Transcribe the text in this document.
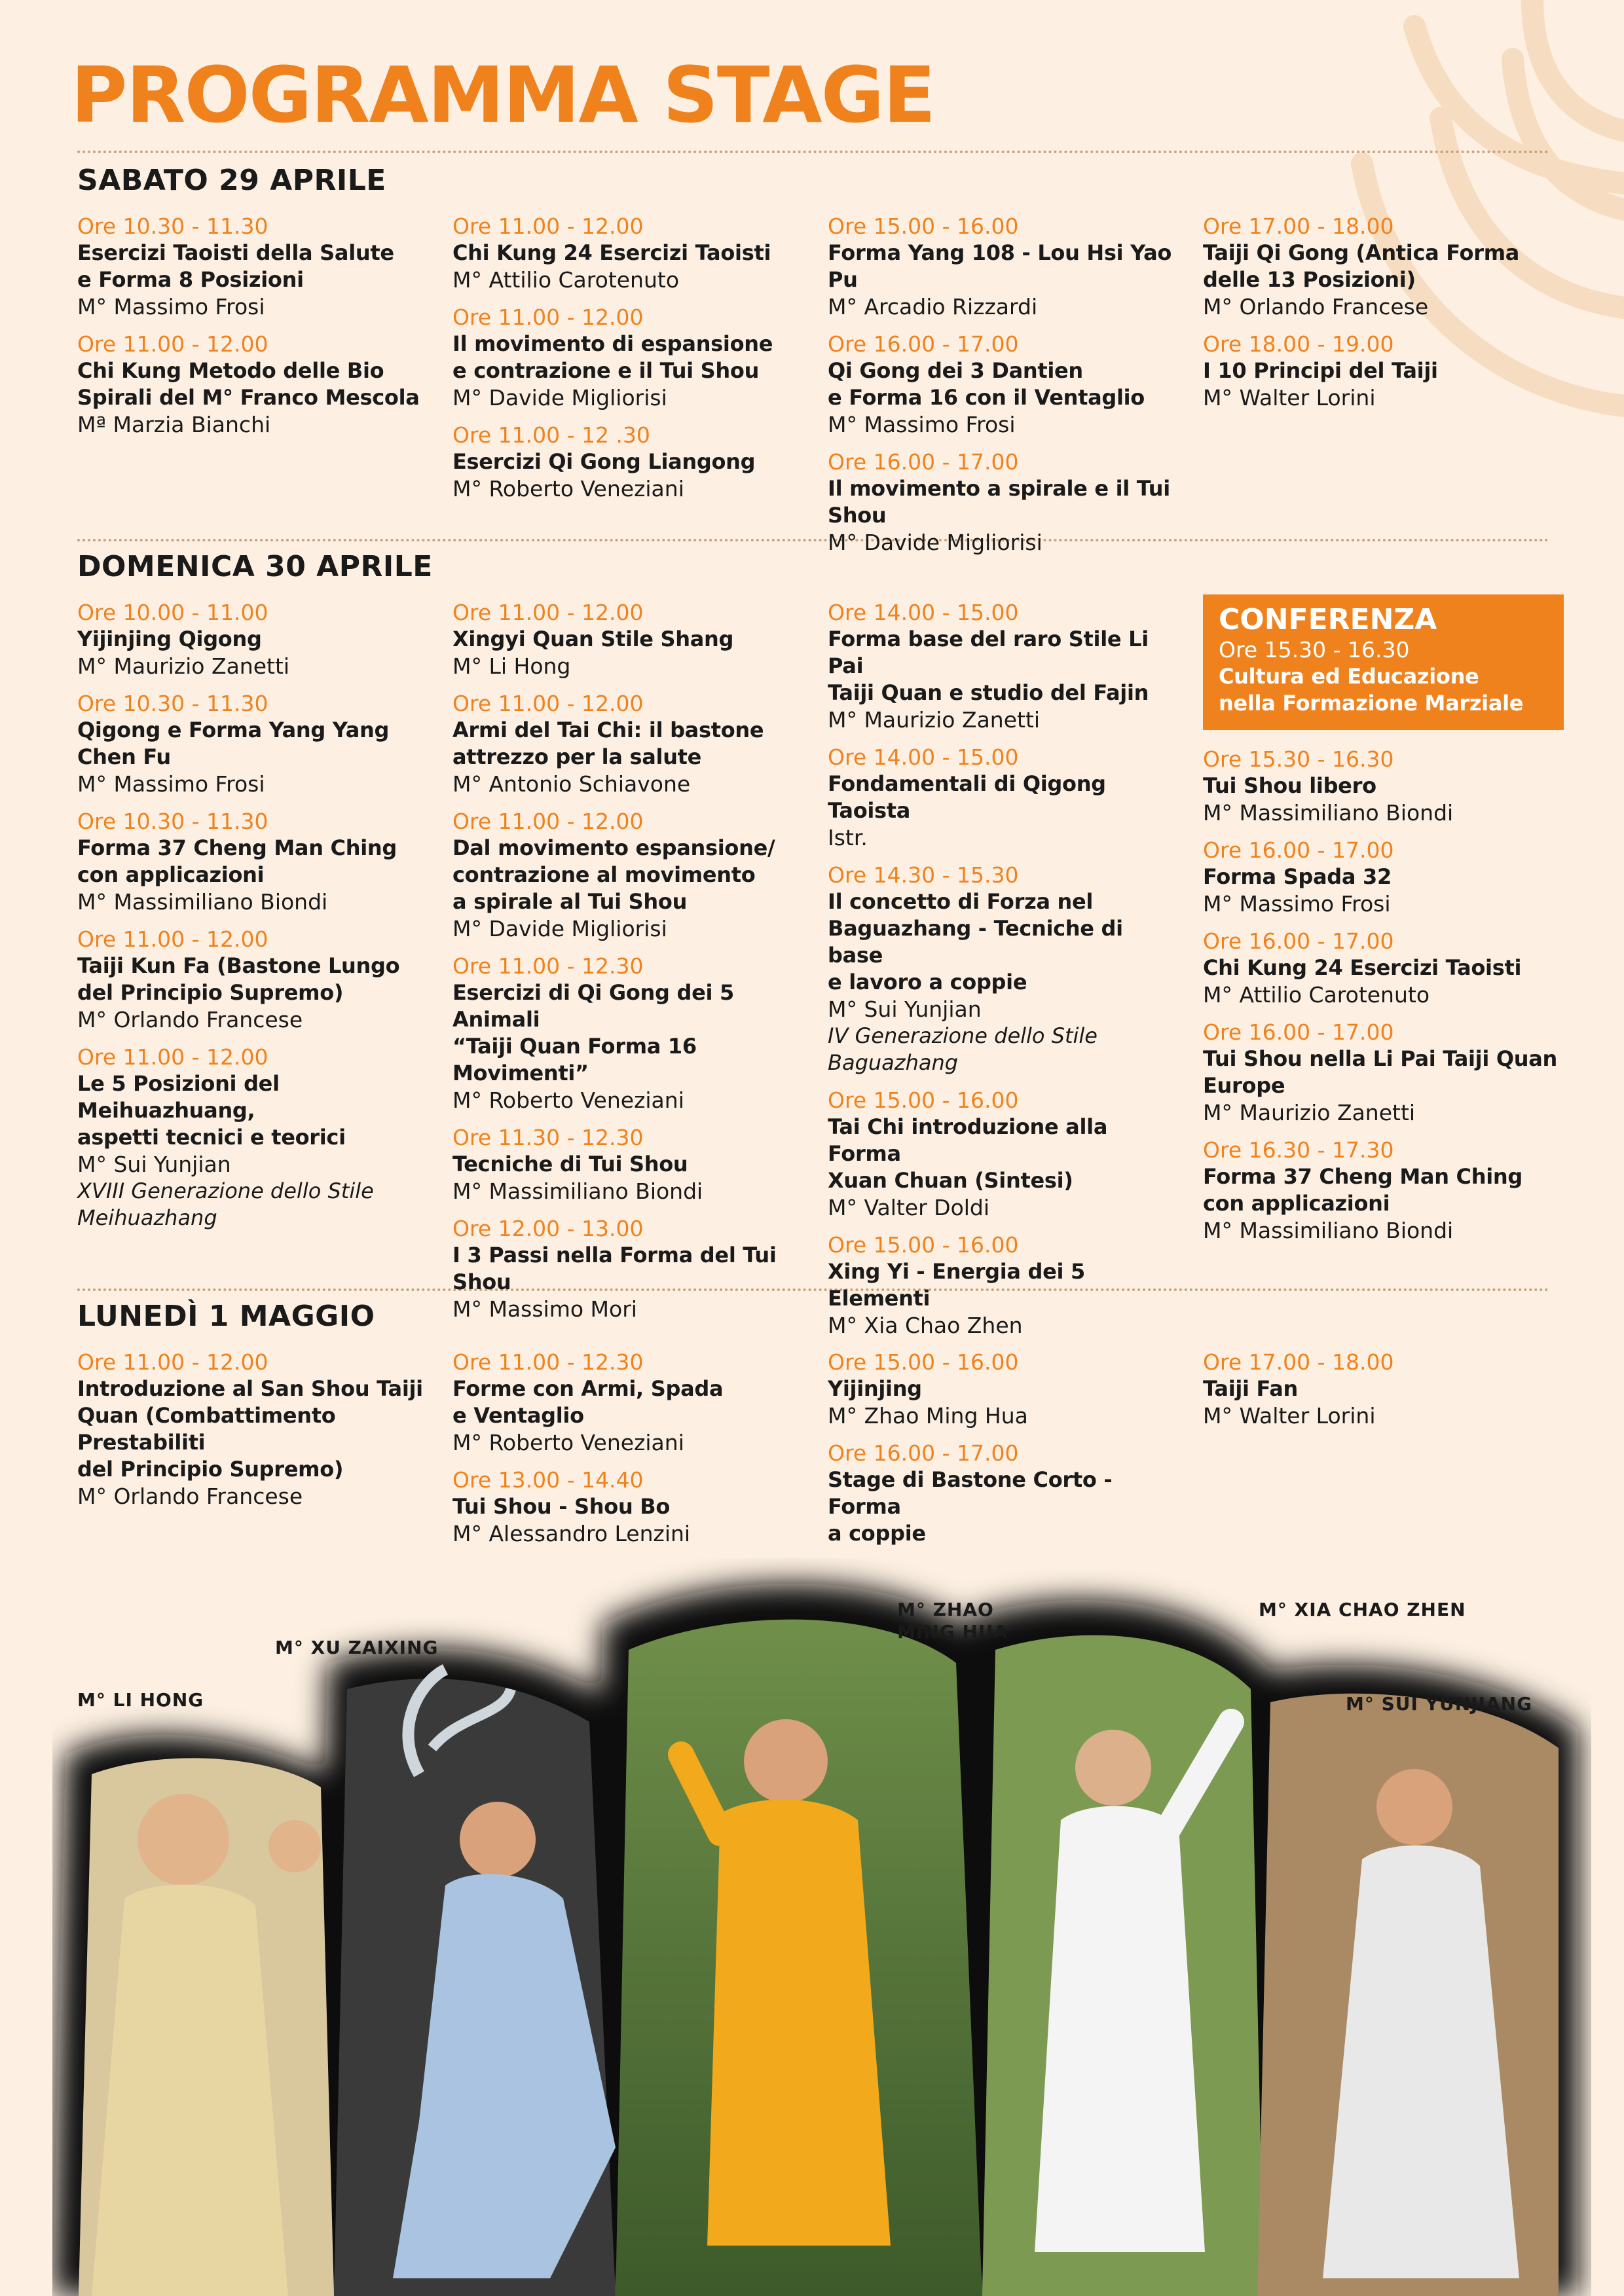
PROGRAMMA STAGE
SABATO 29 APRILE
DOMENICA 30 APRILE
LUNEDÌ 1 MAGGIO
Ore 10.30 - 11.30
Esercizi Taoisti della Salute
e Forma 8 Posizioni
M° Massimo Frosi
Ore 11.00 - 12.00
Chi Kung Metodo delle Bio
Spirali del M° Franco Mescola
Mª Marzia Bianchi
Ore 11.00 - 12.00
Chi Kung 24 Esercizi Taoisti
M° Attilio Carotenuto
Ore 11.00 - 12.00
Il movimento di espansione
e contrazione e il Tui Shou
M° Davide Migliorisi
Ore 11.00 - 12 .30
Esercizi Qi Gong Liangong
M° Roberto Veneziani
Ore 15.00 - 16.00
Forma Yang 108 - Lou Hsi Yao Pu
M° Arcadio Rizzardi
Ore 16.00 - 17.00
Qi Gong dei 3 Dantien
e Forma 16 con il Ventaglio
M° Massimo Frosi
Ore 16.00 - 17.00
Il movimento a spirale e il Tui Shou
M° Davide Migliorisi
Ore 17.00 - 18.00
Taiji Qi Gong (Antica Forma
delle 13 Posizioni)
M° Orlando Francese
Ore 18.00 - 19.00
I 10 Principi del Taiji
M° Walter Lorini
Ore 10.00 - 11.00
Yijinjing Qigong
M° Maurizio Zanetti
Ore 10.30 - 11.30
Qigong e Forma Yang Yang
Chen Fu
M° Massimo Frosi
Ore 10.30 - 11.30
Forma 37 Cheng Man Ching
con applicazioni
M° Massimiliano Biondi
Ore 11.00 - 12.00
Taiji Kun Fa (Bastone Lungo
del Principio Supremo)
M° Orlando Francese
Ore 11.00 - 12.00
Le 5 Posizioni del Meihuazhuang,
aspetti tecnici e teorici
M° Sui Yunjian
XVIII Generazione dello Stile
Meihuazhang
Ore 11.00 - 12.00
Xingyi Quan Stile Shang
M° Li Hong
Ore 11.00 - 12.00
Armi del Tai Chi: il bastone
attrezzo per la salute
M° Antonio Schiavone
Ore 11.00 - 12.00
Dal movimento espansione/
contrazione al movimento
a spirale al Tui Shou
M° Davide Migliorisi
Ore 11.00 - 12.30
Esercizi di Qi Gong dei 5 Animali
“Taiji Quan Forma 16 Movimenti”
M° Roberto Veneziani
Ore 11.30 - 12.30
Tecniche di Tui Shou
M° Massimiliano Biondi
Ore 12.00 - 13.00
I 3 Passi nella Forma del Tui Shou
M° Massimo Mori
Ore 14.00 - 15.00
Forma base del raro Stile Li Pai
Taiji Quan e studio del Fajin
M° Maurizio Zanetti
Ore 14.00 - 15.00
Fondamentali di Qigong Taoista
Istr.
Ore 14.30 - 15.30
Il concetto di Forza nel
Baguazhang - Tecniche di base
e lavoro a coppie
M° Sui Yunjian
IV Generazione dello Stile
Baguazhang
Ore 15.00 - 16.00
Tai Chi introduzione alla Forma
Xuan Chuan (Sintesi)
M° Valter Doldi
Ore 15.00 - 16.00
Xing Yi - Energia dei 5 Elementi
M° Xia Chao Zhen
CONFERENZA
Ore 15.30 - 16.30
Cultura ed Educazione
nella Formazione Marziale
Ore 15.30 - 16.30
Tui Shou libero
M° Massimiliano Biondi
Ore 16.00 - 17.00
Forma Spada 32
M° Massimo Frosi
Ore 16.00 - 17.00
Chi Kung 24 Esercizi Taoisti
M° Attilio Carotenuto
Ore 16.00 - 17.00
Tui Shou nella Li Pai Taiji Quan
Europe
M° Maurizio Zanetti
Ore 16.30 - 17.30
Forma 37 Cheng Man Ching
con applicazioni
M° Massimiliano Biondi
Ore 11.00 - 12.00
Introduzione al San Shou Taiji
Quan (Combattimento Prestabiliti
del Principio Supremo)
M° Orlando Francese
Ore 11.00 - 12.30
Forme con Armi, Spada
e Ventaglio
M° Roberto Veneziani
Ore 13.00 - 14.40
Tui Shou - Shou Bo
M° Alessandro Lenzini
Ore 15.00 - 16.00
Yijinjing
M° Zhao Ming Hua
Ore 16.00 - 17.00
Stage di Bastone Corto - Forma
a coppie
Ore 17.00 - 18.00
Taiji Fan
M° Walter Lorini
M° LI HONG
M° XU ZAIXING
M° ZHAO
MING HUA
M° XIA CHAO ZHEN
M° SUI YUNJIANG
